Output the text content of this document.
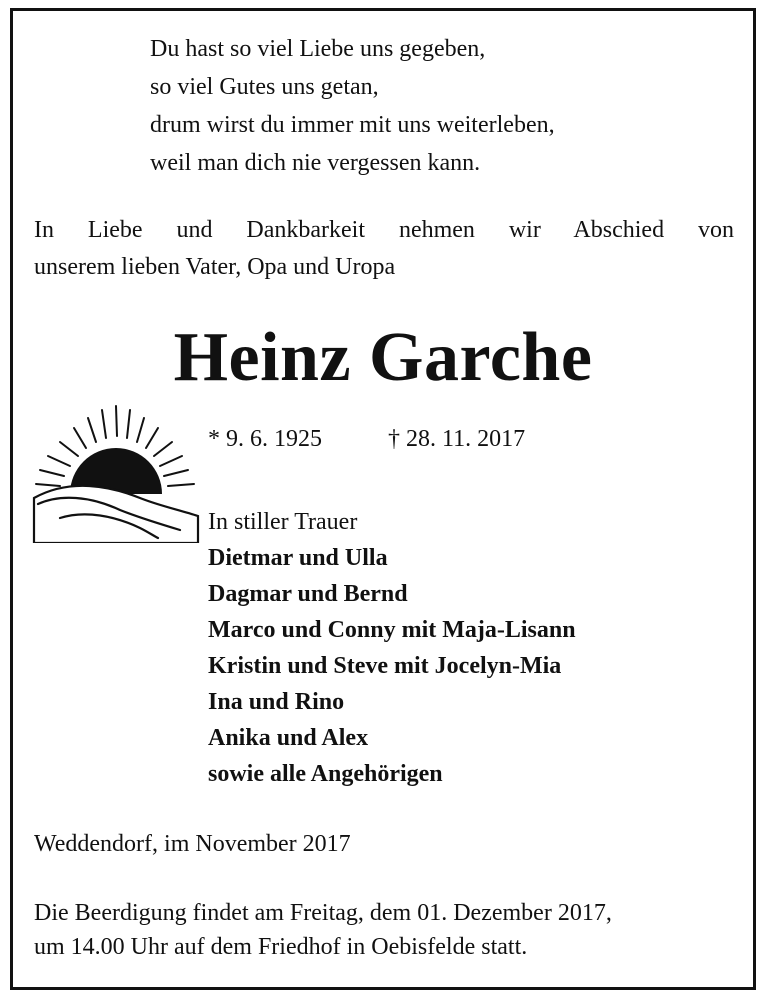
Du hast so viel Liebe uns gegeben,
so viel Gutes uns getan,
drum wirst du immer mit uns weiterleben,
weil man dich nie vergessen kann.
In Liebe und Dankbarkeit nehmen wir Abschied von
unserem lieben Vater, Opa und Uropa
Heinz Garche
* 9. 6. 1925	† 28. 11. 2017
In stiller Trauer
Dietmar und Ulla
Dagmar und Bernd
Marco und Conny mit Maja-Lisann
Kristin und Steve mit Jocelyn-Mia
Ina und Rino
Anika und Alex
sowie alle Angehörigen
Weddendorf, im November 2017
Die Beerdigung findet am Freitag, dem 01. Dezember 2017,
um 14.00 Uhr auf dem Friedhof in Oebisfelde statt.
